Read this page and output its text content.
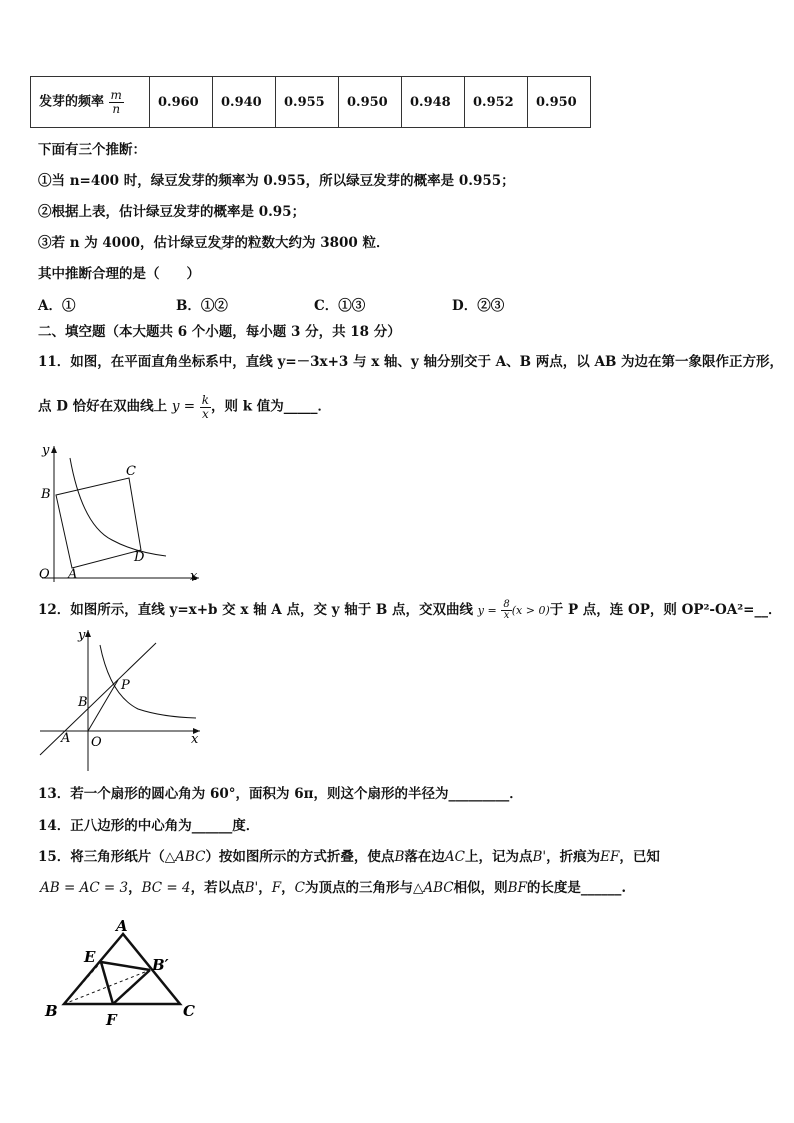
发芽的频率 $\frac{m}{n}$	0.960	0.940	0.955	0.950	0.948	0.952	0.950
下面有三个推断：
①当 n=400 时，绿豆发芽的频率为 0.955，所以绿豆发芽的概率是 0.955；
②根据上表，估计绿豆发芽的概率是 0.95；
③若 n 为 4000，估计绿豆发ֵ芽的粒数大约为 3800 粒．
其中推断合理的是（　　）
A．①	B．①②	C．①③	D．②③
二、填空题（本大题共 6 个小题，每小题 3 分，共 18 分）
11．如图，在平面直角坐标系中，直线 y=－3x+3 与 x 轴、y 轴分别交于 A、B 两点，以 AB 为边在第一象限作正方形，
点 D 恰好在双曲线上 $y = \frac{k}{x}$ ，则 k 值为_____．
y
x
O A
B
C
D
12．如图所示，直线 y=x+b 交 x 轴 A 点，交 y 轴于 B 点，交双曲线 $y = \frac{8}{x} (x > 0)$于 P 点，连 OP，则 OP²-OA²=__．
y
x
O
A
B
P
13．若一个扇形的圆心角为 60°，面积为 6π，则这个扇形的半径为_________．
14．正八边形的中心角为______度．
15．将三角形纸片（△ABC）按如图所示的方式折叠，使点B落在边AC上，记为点B'，折痕为EF，已知
AB = AC = 3，BC = 4，若以点B'，F，C为顶点的三角形与△ABC相似，则BF的长度是______.
A
E	B′
B	F	C
